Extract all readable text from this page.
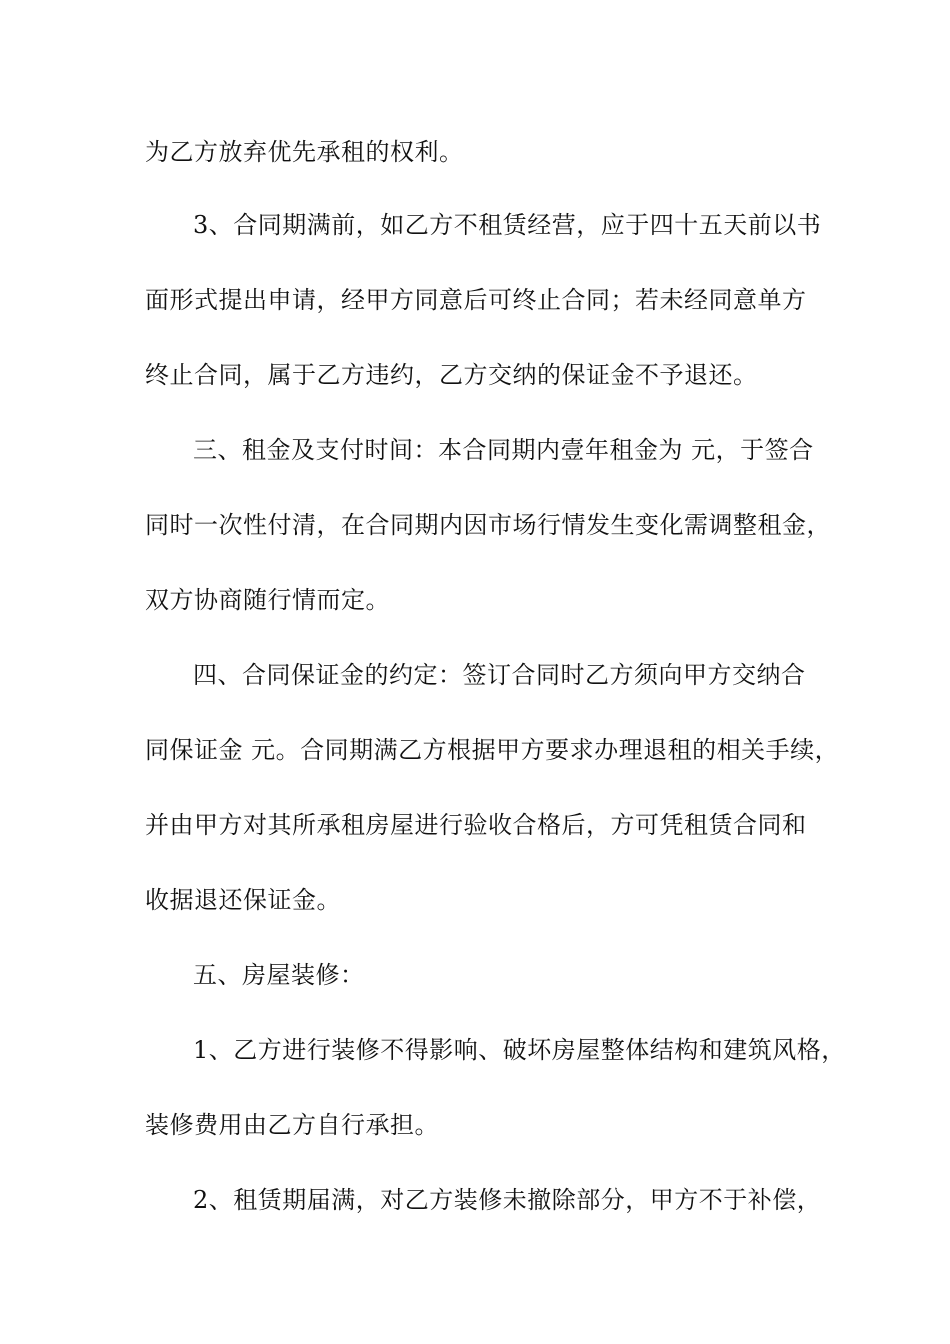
为乙方放弃优先承租的权利。

3、合同期满前，如乙方不租赁经营，应于四十五天前以书

面形式提出申请，经甲方同意后可终止合同；若未经同意单方

终止合同，属于乙方违约，乙方交纳的保证金不予退还。

三、租金及支付时间：本合同期内壹年租金为 元，于签合

同时一次性付清，在合同期内因市场行情发生变化需调整租金，

双方协商随行情而定。

四、合同保证金的约定：签订合同时乙方须向甲方交纳合

同保证金 元。合同期满乙方根据甲方要求办理退租的相关手续，

并由甲方对其所承租房屋进行验收合格后，方可凭租赁合同和

收据退还保证金。

五、房屋装修：

1、乙方进行装修不得影响、破坏房屋整体结构和建筑风格，

装修费用由乙方自行承担。

2、租赁期届满，对乙方装修未撤除部分，甲方不于补偿，
